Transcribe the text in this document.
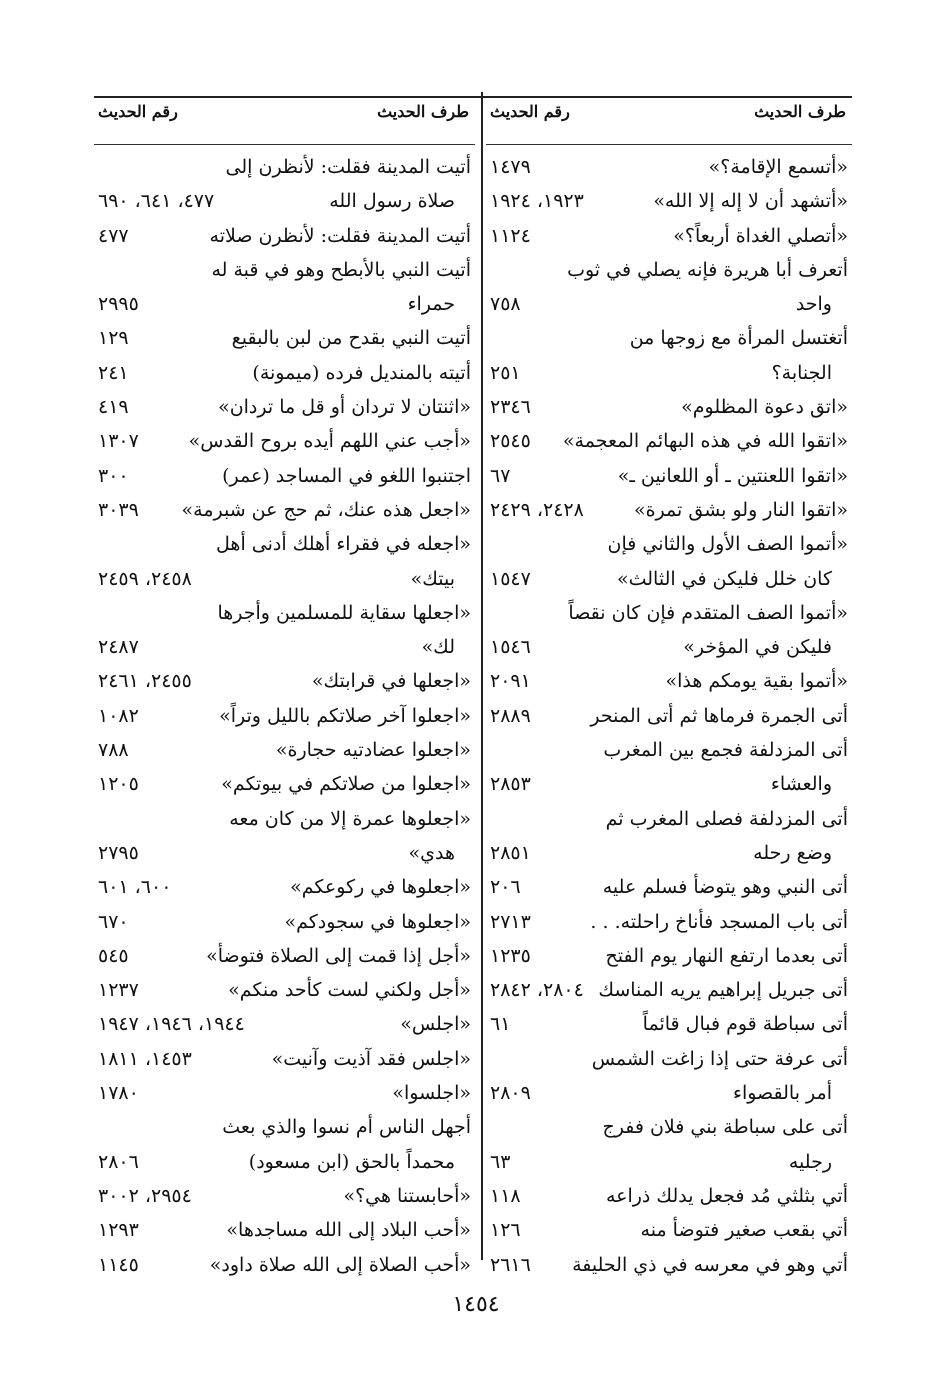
طرف الحديث
رقم الحديث
«أتسمع الإقامة؟»
١٤٧٩
«أتشهد أن لا إله إلا الله»
١٩٢٣، ١٩٢٤
«أتصلي الغداة أربعاً؟»
١١٢٤
أتعرف أبا هريرة فإنه يصلي في ثوب
واحد
٧٥٨
أتغتسل المرأة مع زوجها من
الجنابة؟
٢٥١
«اتق دعوة المظلوم»
٢٣٤٦
«اتقوا الله في هذه البهائم المعجمة»
٢٥٤٥
«اتقوا اللعنتين ـ أو اللعانين ـ»
٦٧
«اتقوا النار ولو بشق تمرة»
٢٤٢٨، ٢٤٢٩
«أتموا الصف الأول والثاني فإن
كان خلل فليكن في الثالث»
١٥٤٧
«أتموا الصف المتقدم فإن كان نقصاً
فليكن في المؤخر»
١٥٤٦
«أتموا بقية يومكم هذا»
٢٠٩١
أتى الجمرة فرماها ثم أتى المنحر
٢٨٨٩
أتى المزدلفة فجمع بين المغرب
والعشاء
٢٨٥٣
أتى المزدلفة فصلى المغرب ثم
وضع رحله
٢٨٥١
أتى النبي وهو يتوضأ فسلم عليه
٢٠٦
أتى باب المسجد فأناخ راحلته. . .
٢٧١٣
أتى بعدما ارتفع النهار يوم الفتح
١٢٣٥
أتى جبريل إبراهيم يريه المناسك
٢٨٠٤، ٢٨٤٢
أتى سباطة قوم فبال قائماً
٦١
أتى عرفة حتى إذا زاغت الشمس
أمر بالقصواء
٢٨٠٩
أتى على سباطة بني فلان ففرج
رجليه
٦٣
أتي بثلثي مُد فجعل يدلك ذراعه
١١٨
أتي بقعب صغير فتوضأ منه
١٢٦
أتي وهو في معرسه في ذي الحليفة
٢٦١٦
طرف الحديث
رقم الحديث
أتيت المدينة فقلت: لأنظرن إلى
صلاة رسول الله
٤٧٧، ٦٤١، ٦٩٠
أتيت المدينة فقلت: لأنظرن صلاته
٤٧٧
أتيت النبي بالأبطح وهو في قبة له
حمراء
٢٩٩٥
أتيت النبي بقدح من لبن بالبقيع
١٢٩
أتيته بالمنديل فرده (ميمونة)
٢٤١
«اثنتان لا تردان أو قل ما تردان»
٤١٩
«أجب عني اللهم أيده بروح القدس»
١٣٠٧
اجتنبوا اللغو في المساجد (عمر)
٣٠٠
«اجعل هذه عنك، ثم حج عن شبرمة»
٣٠٣٩
«اجعله في فقراء أهلك أدنى أهل
بيتك»
٢٤٥٨، ٢٤٥٩
«اجعلها سقاية للمسلمين وأجرها
لك»
٢٤٨٧
«اجعلها في قرابتك»
٢٤٥٥، ٢٤٦١
«اجعلوا آخر صلاتكم بالليل وتراً»
١٠٨٢
«اجعلوا عضادتيه حجارة»
٧٨٨
«اجعلوا من صلاتكم في بيوتكم»
١٢٠٥
«اجعلوها عمرة إلا من كان معه
هدي»
٢٧٩٥
«اجعلوها في ركوعكم»
٦٠٠، ٦٠١
«اجعلوها في سجودكم»
٦٧٠
«أجل إذا قمت إلى الصلاة فتوضأ»
٥٤٥
«أجل ولكني لست كأحد منكم»
١٢٣٧
«اجلس»
١٩٤٤، ١٩٤٦، ١٩٤٧
«اجلس فقد آذيت وآنيت»
١٤٥٣، ١٨١١
«اجلسوا»
١٧٨٠
أجهل الناس أم نسوا والذي بعث
محمداً بالحق (ابن مسعود)
٢٨٠٦
«أحابستنا هي؟»
٢٩٥٤، ٣٠٠٢
«أحب البلاد إلى الله مساجدها»
١٢٩٣
«أحب الصلاة إلى الله صلاة داود»
١١٤٥
١٤٥٤
